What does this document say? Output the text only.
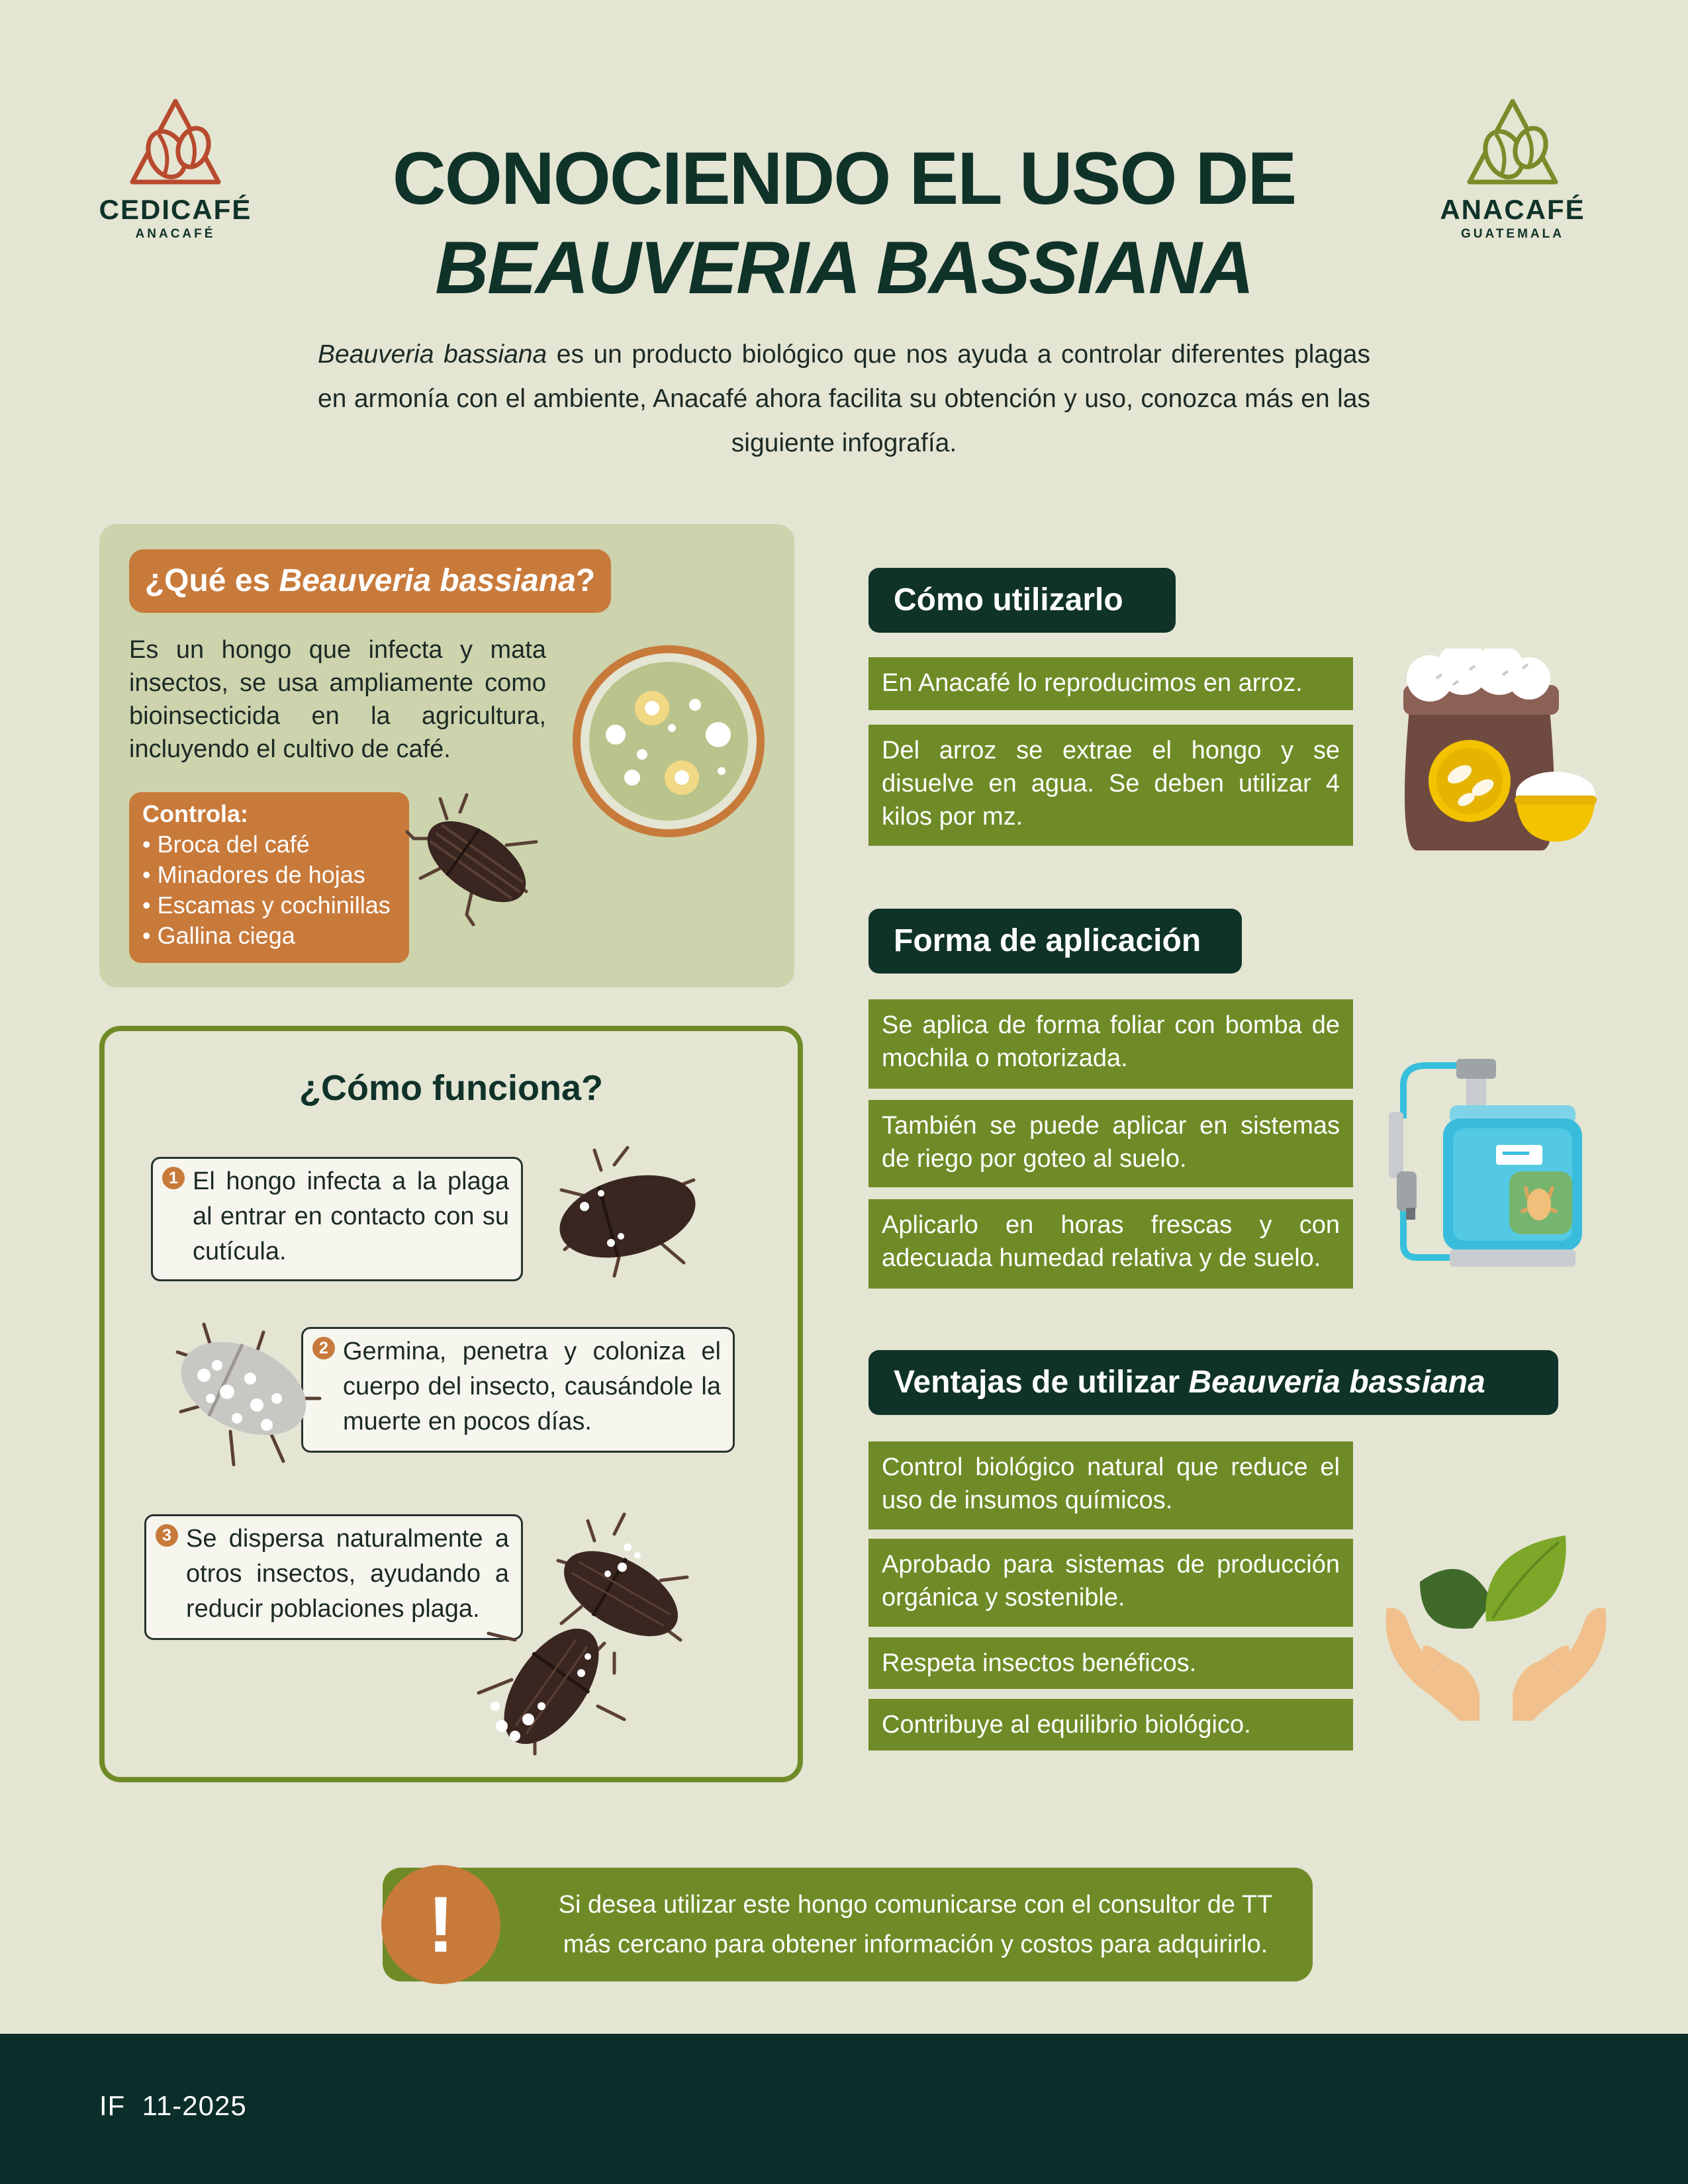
CEDICAFÉ
ANACAFÉ
ANACAFÉ
GUATEMALA
CONOCIENDO EL USO DE
BEAUVERIA BASSIANA
Beauveria bassiana es un producto biológico que nos ayuda a controlar diferentes plagas en armonía con el ambiente, Anacafé ahora facilita su obtención y uso, conozca más en las siguiente infografía.
¿Qué es Beauveria bassiana?
Es un hongo que infecta y mata insectos, se usa ampliamente como bioinsecticida en la agricultura, incluyendo el cultivo de café.
Controla:
• Broca del café
• Minadores de hojas
• Escamas y cochinillas
• Gallina ciega
¿Cómo funciona?
1 El hongo infecta a la plaga al entrar en contacto con su cutícula.
2 Germina, penetra y coloniza el cuerpo del insecto, causándole la muerte en pocos días.
3 Se dispersa naturalmente a otros insectos, ayudando a reducir poblaciones plaga.
Cómo utilizarlo
En Anacafé lo reproducimos en arroz.
Del arroz se extrae el hongo y se disuelve en agua. Se deben utilizar 4 kilos por mz.
Forma de aplicación
Se aplica de forma foliar con bomba de mochila o motorizada.
También se puede aplicar en sistemas de riego por goteo al suelo.
Aplicarlo en horas frescas y con adecuada humedad relativa y de suelo.
Ventajas de utilizar Beauveria bassiana
Control biológico natural que reduce el uso de insumos químicos.
Aprobado para sistemas de producción orgánica y sostenible.
Respeta insectos benéficos.
Contribuye al equilibrio biológico.
!	Si desea utilizar este hongo comunicarse con el consultor de TT más cercano para obtener información y costos para adquirirlo.
IF  11-2025
